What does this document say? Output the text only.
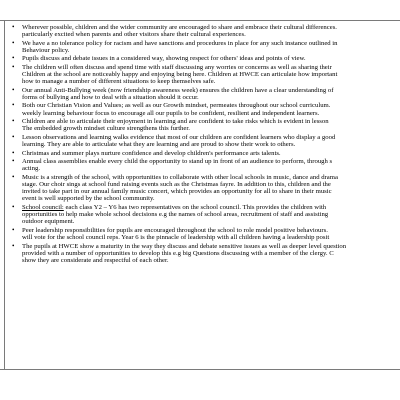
• Wherever possible, children and the wider community are encouraged to share and embrace their cultural differences.
particularly excited when parents and other visitors share their cultural experiences.
• We have a no tolerance policy for racism and have sanctions and procedures in place for any such instance outlined in
Behaviour policy.
• Pupils discuss and debate issues in a considered way, showing respect for others' ideas and points of view.
• The children will often discuss and spend time with staff discussing any worries or concerns as well as sharing their
Children at the school are noticeably happy and enjoying being here. Children at HWCE can articulate how important
how to manage a number of different situations to keep themselves safe.
• Our annual Anti-Bullying week (now friendship awareness week) ensures the children have a clear understanding of
forms of bullying and how to deal with a situation should it occur.
• Both our Christian Vision and Values; as well as our Growth mindset, permeates throughout our school curriculum.
weekly learning behaviour focus to encourage all our pupils to be confident, resilient and independent learners.
• Children are able to articulate their enjoyment in learning and are confident to take risks which is evident in lesson
The embedded growth mindset culture strengthens this further.
• Lesson observations and learning walks evidence that most of our children are confident learners who display a good
learning. They are able to articulate what they are learning and are proud to show their work to others.
• Christmas and summer plays nurture confidence and develop children's performance arts talents.
• Annual class assemblies enable every child the opportunity to stand up in front of an audience to perform, through s
acting.
• Music is a strength of the school, with opportunities to collaborate with other local schools in music, dance and drama
stage. Our choir sings at school fund raising events such as the Christmas fayre. In addition to this, children and the
invited to take part in our annual family music concert, which provides an opportunity for all to share in their music
event is well supported by the school community.
• School council: each class Y2 – Y6 has two representatives on the school council. This provides the children with
opportunities to help make whole school decisions e.g the names of school areas, recruitment of staff and assisting
outdoor equipment.
• Peer leadership responsibilities for pupils are encouraged throughout the school to role model positive behaviours.
will vote for the school council reps. Year 6 is the pinnacle of leadership with all children having a leadership posit
• The pupils at HWCE show a maturity in the way they discuss and debate sensitive issues as well as deeper level question
provided with a number of opportunities to develop this e.g big Questions discussing with a member of the clergy. C
show they are considerate and respectful of each other.
